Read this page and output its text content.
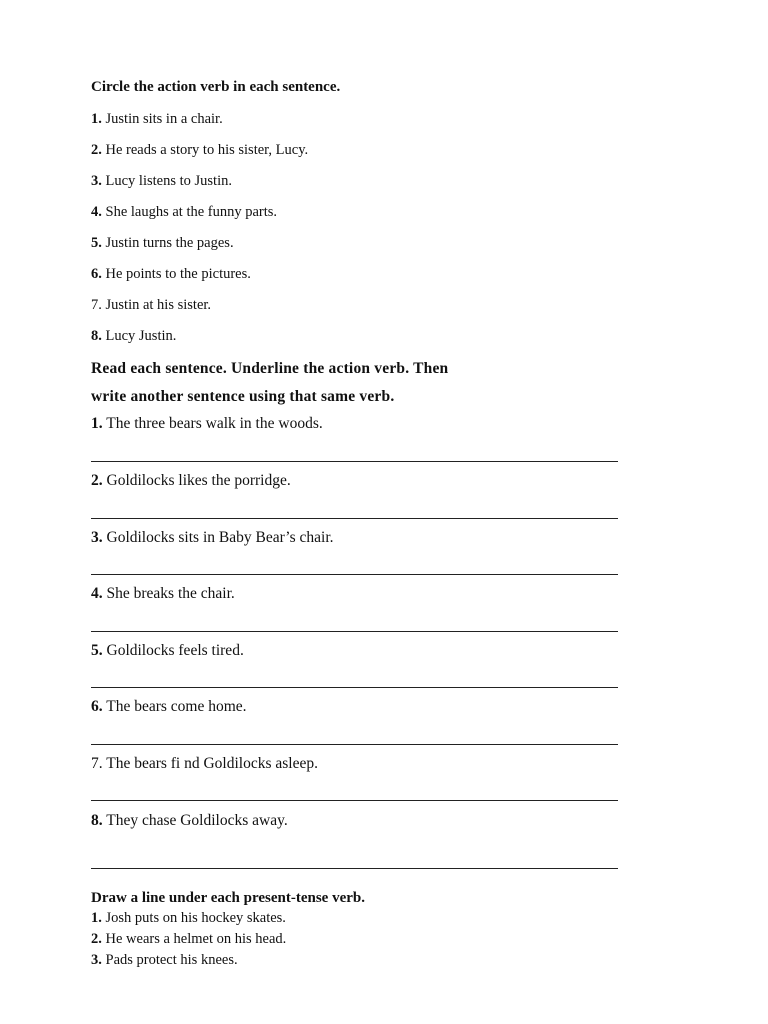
Circle the action verb in each sentence.
1. Justin sits in a chair.
2. He reads a story to his sister, Lucy.
3. Lucy listens to Justin.
4. She laughs at the funny parts.
5. Justin turns the pages.
6. He points to the pictures.
7. Justin at his sister.
8. Lucy Justin.
Read each sentence. Underline the action verb. Then
write another sentence using that same verb.
1. The three bears walk in the woods.
2. Goldilocks likes the porridge.
3. Goldilocks sits in Baby Bear’s chair.
4. She breaks the chair.
5. Goldilocks feels tired.
6. The bears come home.
7. The bears fi nd Goldilocks asleep.
8. They chase Goldilocks away.
Draw a line under each present-tense verb.
1. Josh puts on his hockey skates.
2. He wears a helmet on his head.
3. Pads protect his knees.
